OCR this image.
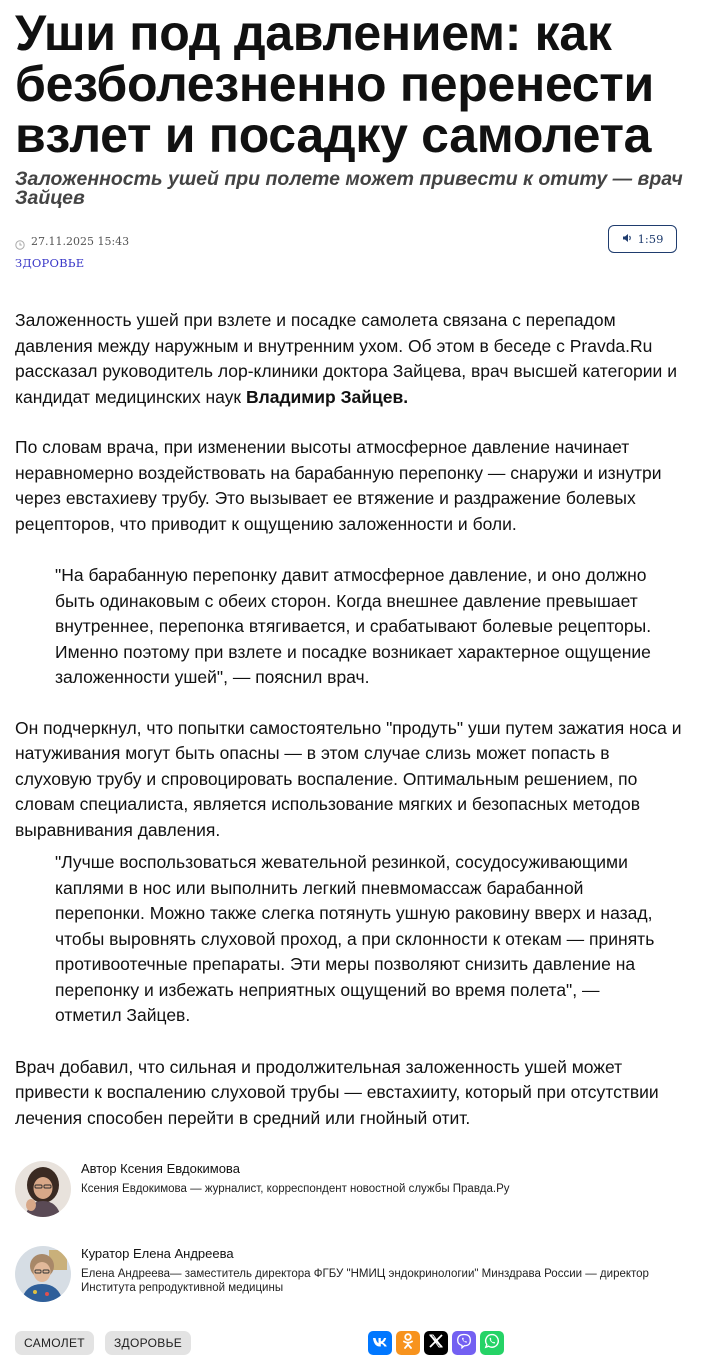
Уши под давлением: как безболезненно перенести взлет и посадку самолета
Заложенность ушей при полете может привести к отиту — врач Зайцев
27.11.2025 15:43
ЗДОРОВЬЕ
1:59

Заложенность ушей при взлете и посадке самолета связана с перепадом давления между наружным и внутренним ухом. Об этом в беседе с Pravda.Ru рассказал руководитель лор-клиники доктора Зайцева, врач высшей категории и кандидат медицинских наук Владимир Зайцев.

По словам врача, при изменении высоты атмосферное давление начинает неравномерно воздействовать на барабанную перепонку — снаружи и изнутри через евстахиеву трубу. Это вызывает ее втяжение и раздражение болевых рецепторов, что приводит к ощущению заложенности и боли.

"На барабанную перепонку давит атмосферное давление, и оно должно быть одинаковым с обеих сторон. Когда внешнее давление превышает внутреннее, перепонка втягивается, и срабатывают болевые рецепторы. Именно поэтому при взлете и посадке возникает характерное ощущение заложенности ушей", — пояснил врач.

Он подчеркнул, что попытки самостоятельно "продуть" уши путем зажатия носа и натуживания могут быть опасны — в этом случае слизь может попасть в слуховую трубу и спровоцировать воспаление. Оптимальным решением, по словам специалиста, является использование мягких и безопасных методов выравнивания давления.

"Лучше воспользоваться жевательной резинкой, сосудосуживающими каплями в нос или выполнить легкий пневмомассаж барабанной перепонки. Можно также слегка потянуть ушную раковину вверх и назад, чтобы выровнять слуховой проход, а при склонности к отекам — принять противоотечные препараты. Эти меры позволяют снизить давление на перепонку и избежать неприятных ощущений во время полета", — отметил Зайцев.

Врач добавил, что сильная и продолжительная заложенность ушей может привести к воспалению слуховой трубы — евстахииту, который при отсутствии лечения способен перейти в средний или гнойный отит.

Автор Ксения Евдокимова
Ксения Евдокимова — журналист, корреспондент новостной службы Правда.Ру
Куратор Елена Андреева
Елена Андреева— заместитель директора ФГБУ "НМИЦ эндокринологии" Минздрава России — директор Института репродуктивной медицины
САМОЛЕТ	ЗДОРОВЬЕ
